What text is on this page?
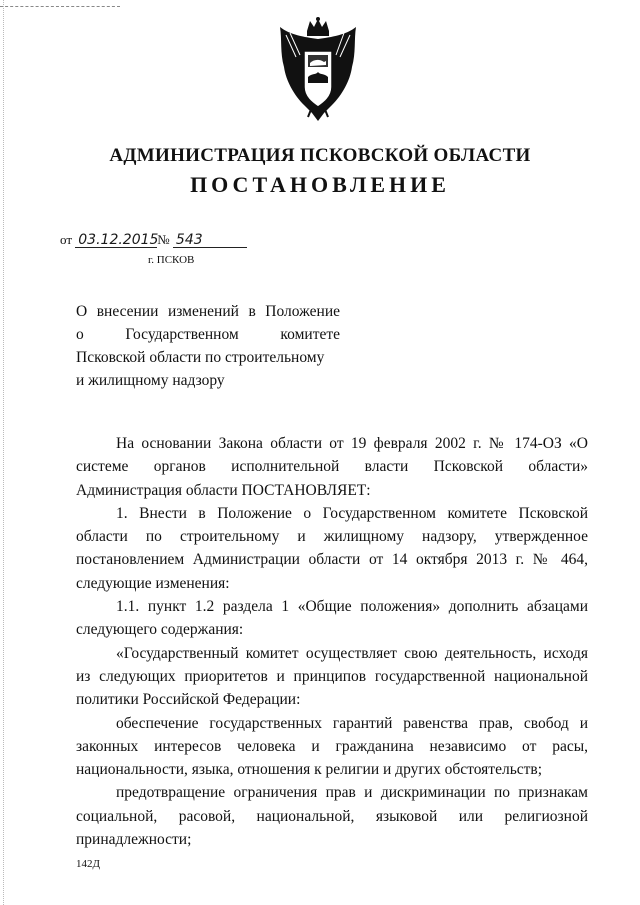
АДМИНИСТРАЦИЯ ПСКОВСКОЙ ОБЛАСТИ
ПОСТАНОВЛЕНИЕ
от 03.12.2015№ 543
г. ПСКОВ
О внесении изменений в Положение
о Государственном комитете
Псковской области по строительному
и жилищному надзору

На основании Закона области от 19 февраля 2002 г. № 174-ОЗ «О системе органов исполнительной власти Псковской области» Администрация области ПОСТАНОВЛЯЕТ:

1. Внести в Положение о Государственном комитете Псковской области по строительному и жилищному надзору, утвержденное постановлением Администрации области от 14 октября 2013 г. № 464, следующие изменения:

1.1. пункт 1.2 раздела 1 «Общие положения» дополнить абзацами следующего содержания:

«Государственный комитет осуществляет свою деятельность, исходя из следующих приоритетов и принципов государственной национальной политики Российской Федерации:

обеспечение государственных гарантий равенства прав, свобод и законных интересов человека и гражданина независимо от расы, национальности, языка, отношения к религии и других обстоятельств;

предотвращение ограничения прав и дискриминации по признакам социальной, расовой, национальной, языковой или религиозной принадлежности;

142Д
